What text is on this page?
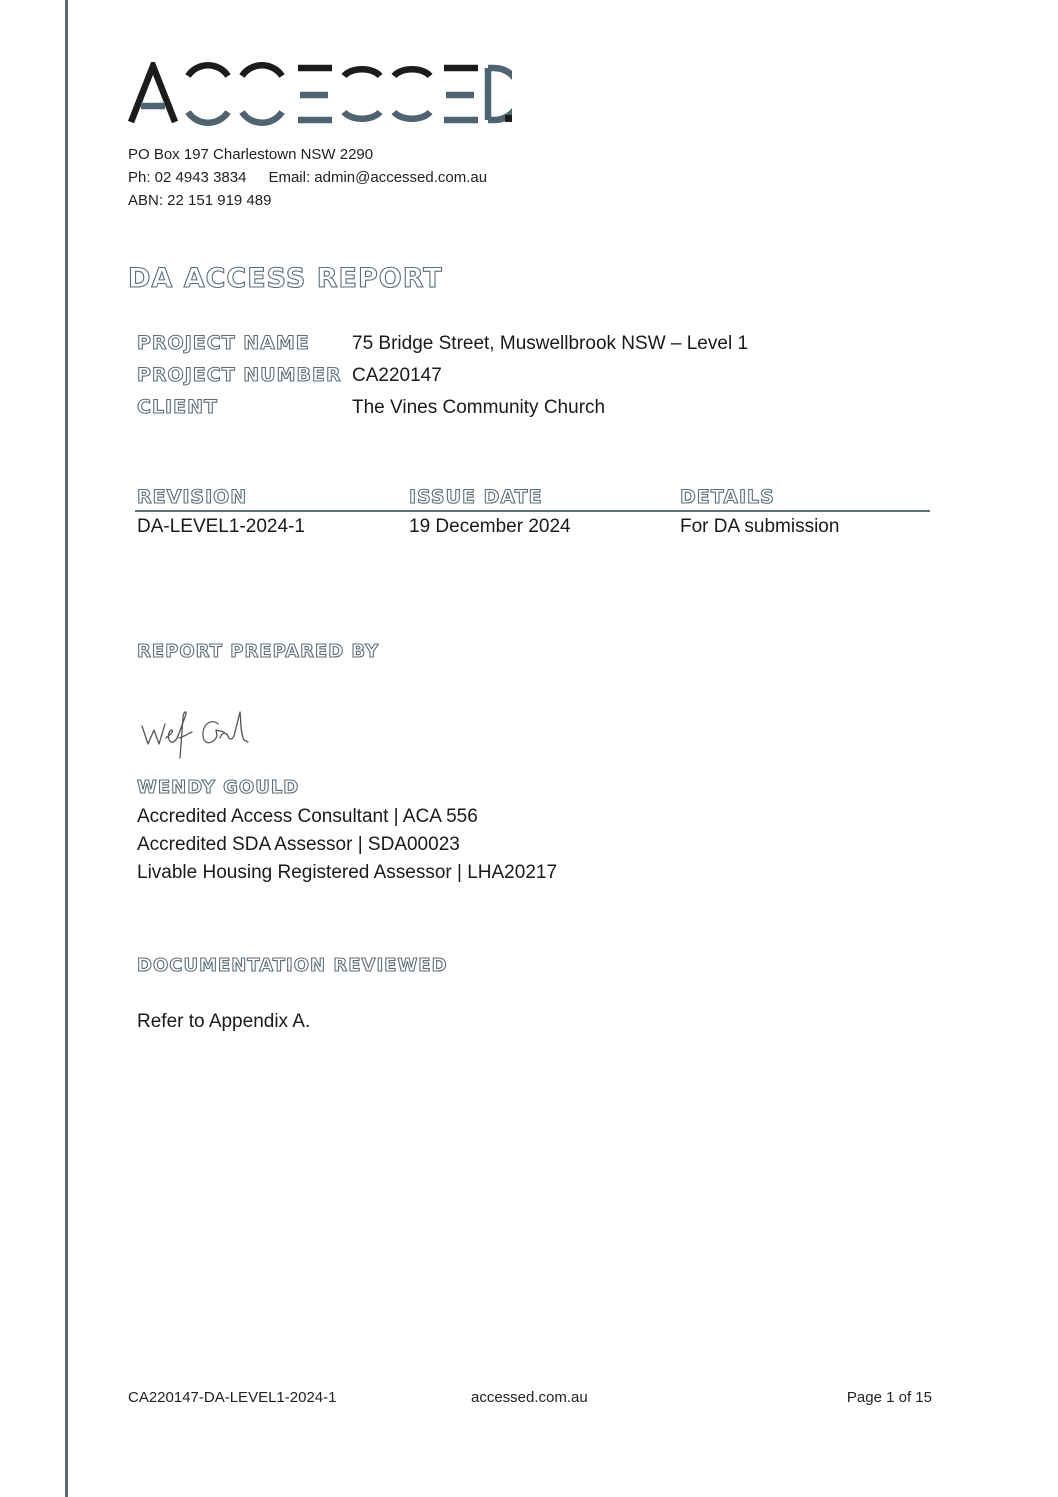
PO Box 197 Charlestown NSW 2290
Ph: 02 4943 3834 Email: admin@accessed.com.au
ABN: 22 151 919 489
DA ACCESS REPORT
PROJECT NAME	75 Bridge Street, Muswellbrook NSW – Level 1
PROJECT NUMBER CA220147
CLIENT	The Vines Community Church
REVISION	ISSUE DATE	DETAILS
DA-LEVEL1-2024-1	19 December 2024	For DA submission
REPORT PREPARED BY
WENDY GOULD
Accredited Access Consultant | ACA 556
Accredited SDA Assessor | SDA00023
Livable Housing Registered Assessor | LHA20217
DOCUMENTATION REVIEWED
Refer to Appendix A.
CA220147-DA-LEVEL1-2024-1	accessed.com.au	Page 1 of 15
